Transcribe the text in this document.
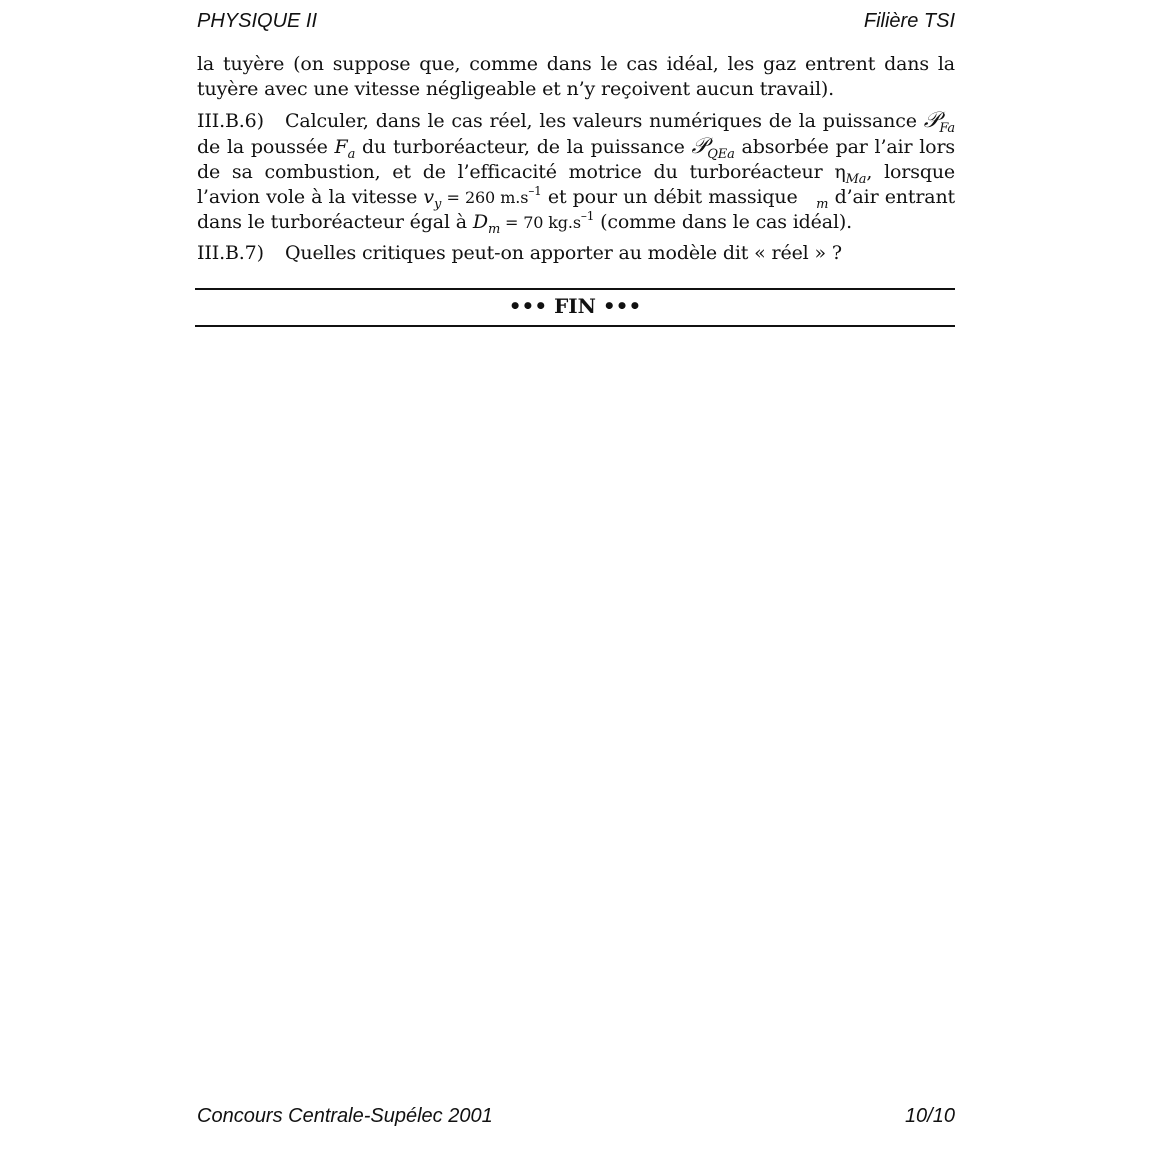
PHYSIQUE II	Filière TSI

la tuyère (on suppose que, comme dans le cas idéal, les gaz entrent dans la tuyère avec une vitesse négligeable et n’y reçoivent aucun travail).

III.B.6) Calculer, dans le cas réel, les valeurs numériques de la puissance 𝒫$_{Fa}$ de la poussée $F_a$ du turboréacteur, de la puissance 𝒫$_{QEa}$ absorbée par l’air lors de sa combustion, et de l’efficacité motrice du turboréacteur $\eta_{Ma}$, lorsque l’avion vole à la vitesse $v_y = 260$ $m.s^{-1}$ et pour un débit massique $_m$ d’air entrant dans le turboréacteur égal à $D_m = 70$ $kg.s^{-1}$ (comme dans le cas idéal).

III.B.7) Quelles critiques peut-on apporter au modèle dit « réel » ?

••• FIN •••
Concours Centrale-Supélec 2001	10/10
